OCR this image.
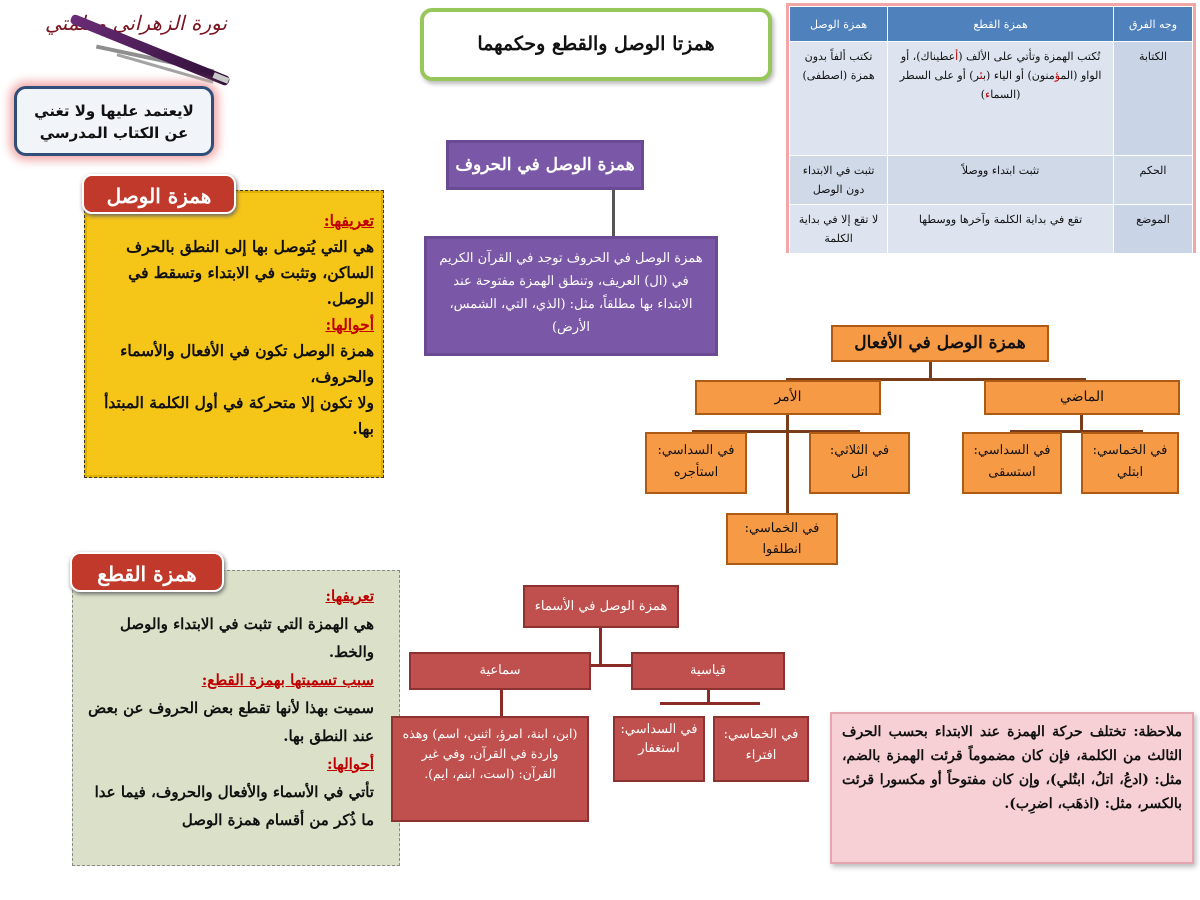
نورة الزهراني معلمتي
لايعتمد عليها ولا تغني
عن الكتاب المدرسي
همزتا الوصل والقطع وحكمهما
وجه الفرق	همزة القطع	همزة الوصل
الكتابة	تُكتب الهمزة وتأتي على الألف (أعطيناك)، أو الواو (المؤمنون) أو الياء (بئر) أو على السطر (السماء)	تكتب ألفاً بدون همزة (اصطفى)
الحكم	تثبت ابتداء ووصلاً	تثبت في الابتداء دون الوصل
الموضع	تقع في بداية الكلمة وآخرها ووسطها	لا تقع إلا في بداية الكلمة
همزة الوصل
تعريفها:
هي التي يُتوصل بها إلى النطق بالحرف الساكن، وتثبت في الابتداء وتسقط في الوصل.
أحوالها:
همزة الوصل تكون في الأفعال والأسماء والحروف،
ولا تكون إلا متحركة في أول الكلمة المبتدأ بها.
همزة القطع
تعريفها:
هي الهمزة التي تثبت في الابتداء والوصل والخط.
سبب تسميتها بهمزة القطع:
سميت بهذا لأنها تقطع بعض الحروف عن بعض عند النطق بها.
أحوالها:
تأتي في الأسماء والأفعال والحروف، فيما عدا ما ذُكر من أقسام همزة الوصل
همزة الوصل في الحروف
همزة الوصل في الحروف توجد في القرآن الكريم في (ال) العريف، وتنطق الهمزة مفتوحة عند الابتداء بها مطلقاً، مثل: (الذي، التي، الشمس، الأرض)
همزة الوصل في الأفعال
الأمر	الماضي
في الخماسي:
ابتلي
في السداسي:
استسقى
في الثلاثي:
اتل
في السداسي:
استأجره
في الخماسي:
انطلقوا
همزة الوصل في الأسماء
سماعية	قياسية
(ابن، ابنة، امرؤ، اثنين، اسم) وهذه واردة في القرآن، وفي غير القرآن: (است، ابنم، ايم).
في الخماسي:
افتراء
في السداسي:
استغفار
ملاحظة: تختلف حركة الهمزة عند الابتداء بحسب الحرف الثالث من الكلمة، فإن كان مضموماً قرئت الهمزة بالضم، مثل: (ادعُ، اتلُ، ابتُلي)، وإن كان مفتوحاً أو مكسورا قرئت بالكسر، مثل: (اذهَب، اضرِب).
